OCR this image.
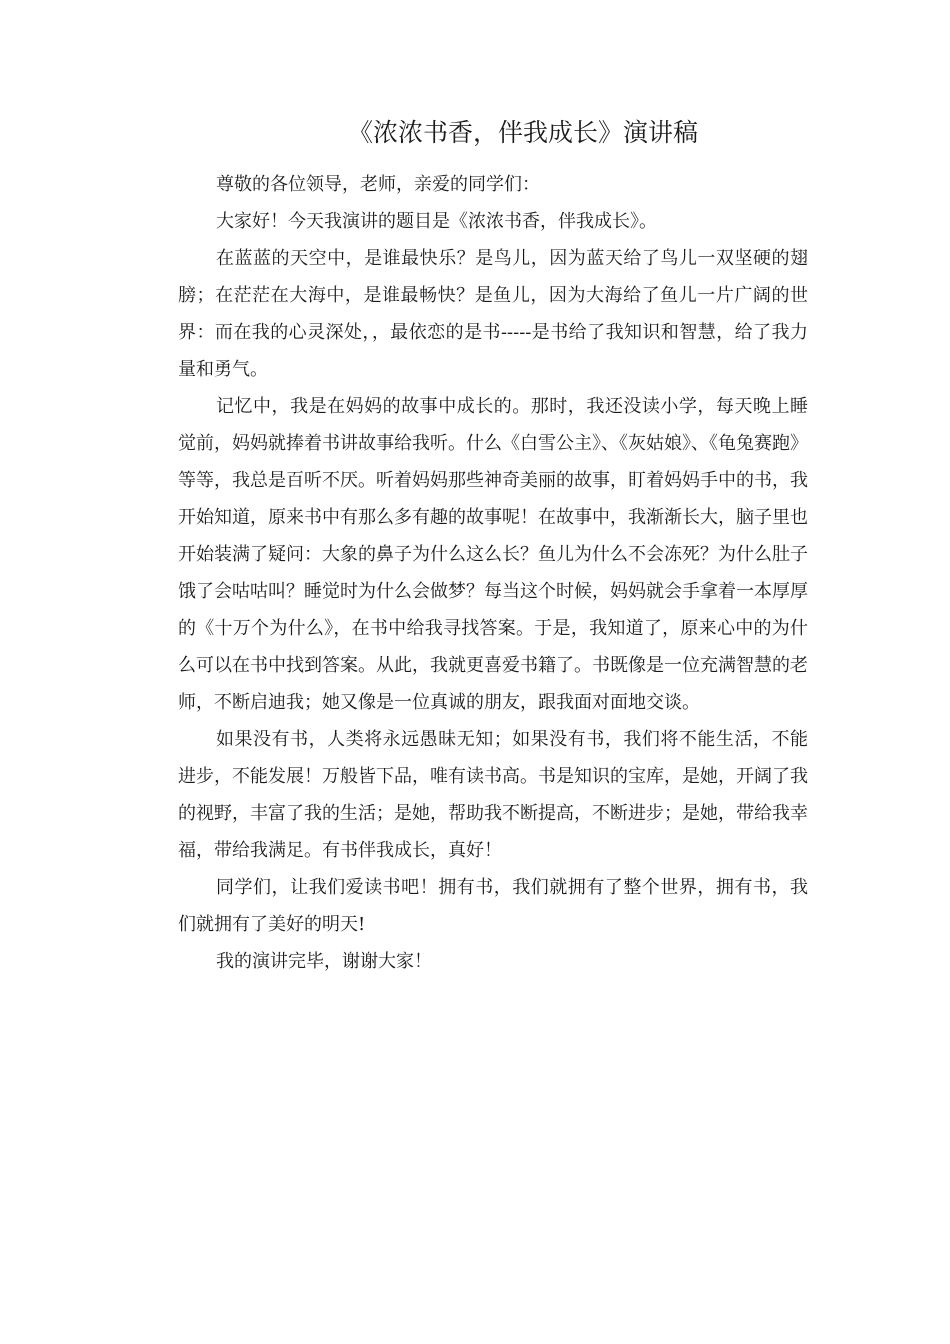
《浓浓书香，伴我成长》演讲稿

尊敬的各位领导，老师，亲爱的同学们：

大家好！今天我演讲的题目是《浓浓书香，伴我成长》。

在蓝蓝的天空中，是谁最快乐？是鸟儿，因为蓝天给了鸟儿一双坚硬的翅膀；在茫茫在大海中，是谁最畅快？是鱼儿，因为大海给了鱼儿一片广阔的世界：而在我的心灵深处，，最依恋的是书-----是书给了我知识和智慧，给了我力量和勇气。

记忆中，我是在妈妈的故事中成长的。那时，我还没读小学，每天晚上睡觉前，妈妈就捧着书讲故事给我听。什么《白雪公主》、《灰姑娘》、《龟兔赛跑》等等，我总是百听不厌。听着妈妈那些神奇美丽的故事，盯着妈妈手中的书，我开始知道，原来书中有那么多有趣的故事呢！在故事中，我渐渐长大，脑子里也开始装满了疑问：大象的鼻子为什么这么长？鱼儿为什么不会冻死？为什么肚子饿了会咕咕叫？睡觉时为什么会做梦？每当这个时候，妈妈就会手拿着一本厚厚的《十万个为什么》，在书中给我寻找答案。于是，我知道了，原来心中的为什么可以在书中找到答案。从此，我就更喜爱书籍了。书既像是一位充满智慧的老师，不断启迪我；她又像是一位真诚的朋友，跟我面对面地交谈。

如果没有书，人类将永远愚昧无知；如果没有书，我们将不能生活，不能进步，不能发展！万般皆下品，唯有读书高。书是知识的宝库，是她，开阔了我的视野，丰富了我的生活；是她，帮助我不断提高，不断进步；是她，带给我幸福，带给我满足。有书伴我成长，真好！

同学们，让我们爱读书吧！拥有书，我们就拥有了整个世界，拥有书，我们就拥有了美好的明天!

我的演讲完毕，谢谢大家！
